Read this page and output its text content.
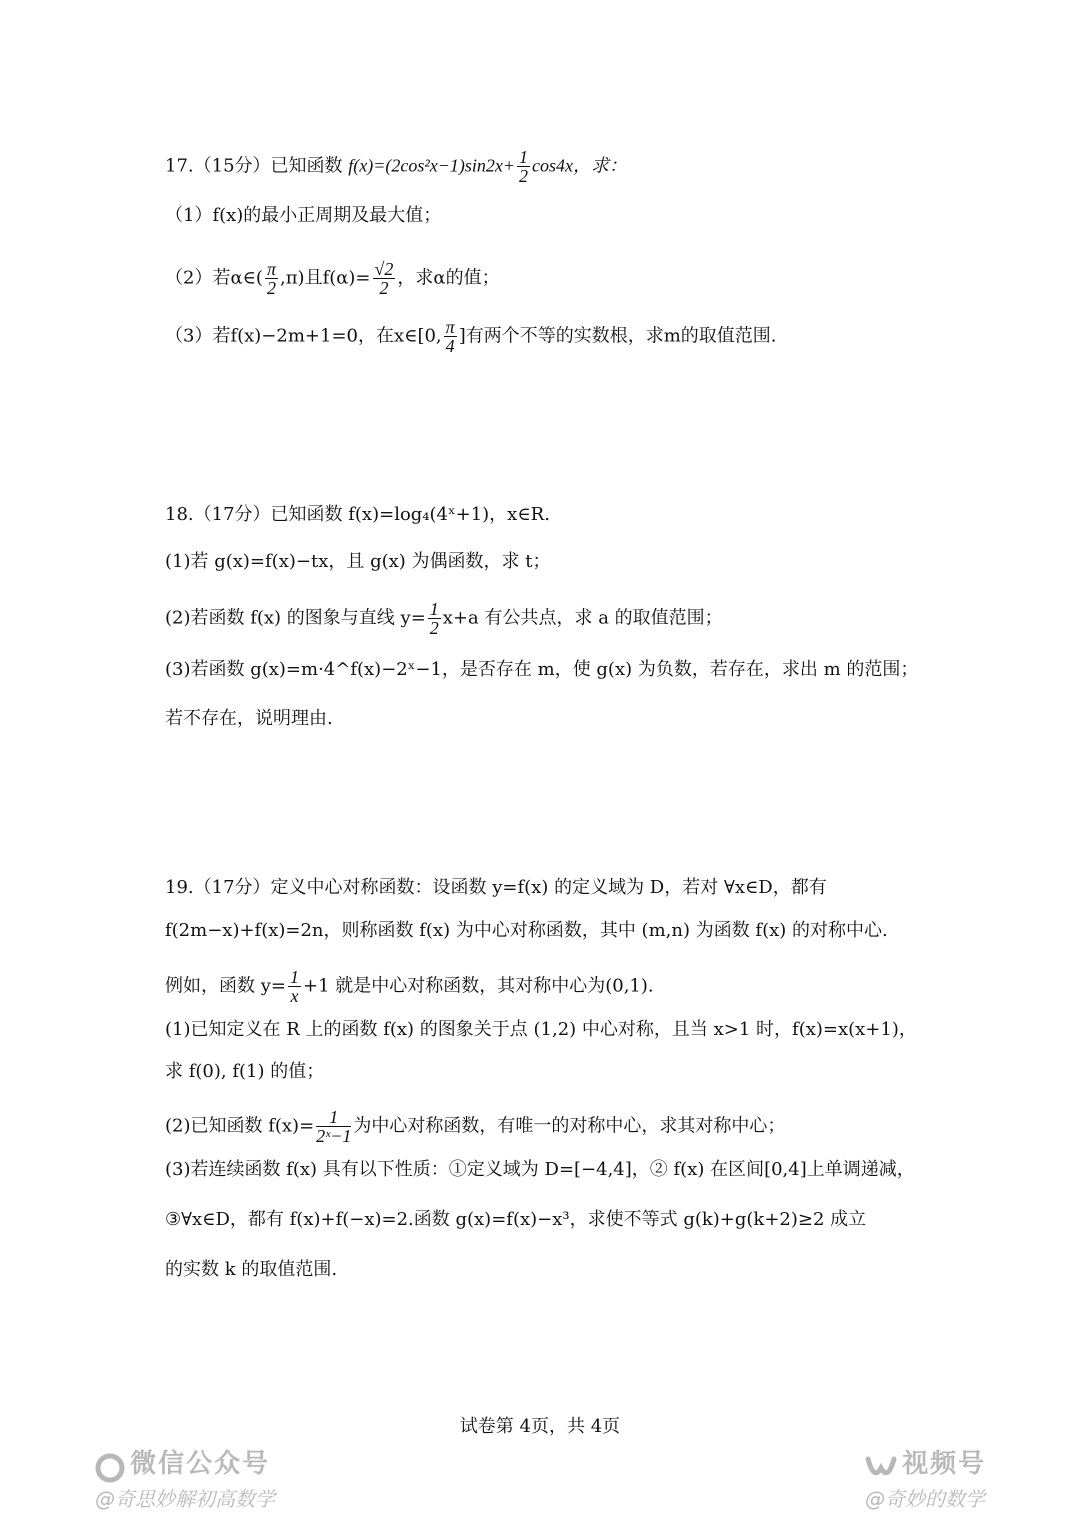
17.（15分）已知函数 $f(x)=(2\cos^2x-1)\sin 2x+ \frac{1}{2} \cos 4x$，求：
（1）f(x)的最小正周期及最大值；
（2）若α∈( $\frac{\pi}{2} ,\pi$)且$f(\alpha)= \frac{√2}{2}$ ，求α的值；
（3）若f(x)−2m+1=0，在x∈[0, $\frac{\pi}{4}$ ]有两个不等的实数根，求m的取值范围.
18.（17分）已知函数 f(x)=log₄(4ˣ+1)，x∈R.
(1)若 g(x)=f(x)−tx，且 g(x) 为偶函数，求 t；
(2)若函数 f(x) 的图象与直线 $y= \frac{1}{2} x+a$ 有公共点，求 a 的取值范围；
(3)若函数 g(x)=m·4^f(x)−2ˣ−1，是否存在 m，使 g(x) 为负数，若存在，求出 m 的范围；
若不存在，说明理由.
19.（17分）定义中心对称函数：设函数 y=f(x) 的定义域为 D，若对 ∀x∈D，都有
f(2m−x)+f(x)=2n，则称函数 f(x) 为中心对称函数，其中 (m,n) 为函数 f(x) 的对称中心.
例如，函数 $y= \frac{1}{x} +1$ 就是中心对称函数，其对称中心为(0,1).
(1)已知定义在 R 上的函数 f(x) 的图象关于点 (1,2) 中心对称，且当 x>1 时，f(x)=x(x+1)，
求 f(0), f(1) 的值；
(2)已知函数 $f(x)= \frac{1}{\text{2ˣ−1}}$ 为中心对称函数，有唯一的对称中心，求其对称中心；
(3)若连续函数 f(x) 具有以下性质：①定义域为 D=[−4,4]，② f(x) 在区间[0,4]上单调递减，
③∀x∈D，都有 f(x)+f(−x)=2.函数 g(x)=f(x)−x³，求使不等式 g(k)+g(k+2)≥2 成立
的实数 k 的取值范围.
试卷第 4页，共 4页
微信公众号
@奇思妙解初高数学
视频号
@奇妙的数学
